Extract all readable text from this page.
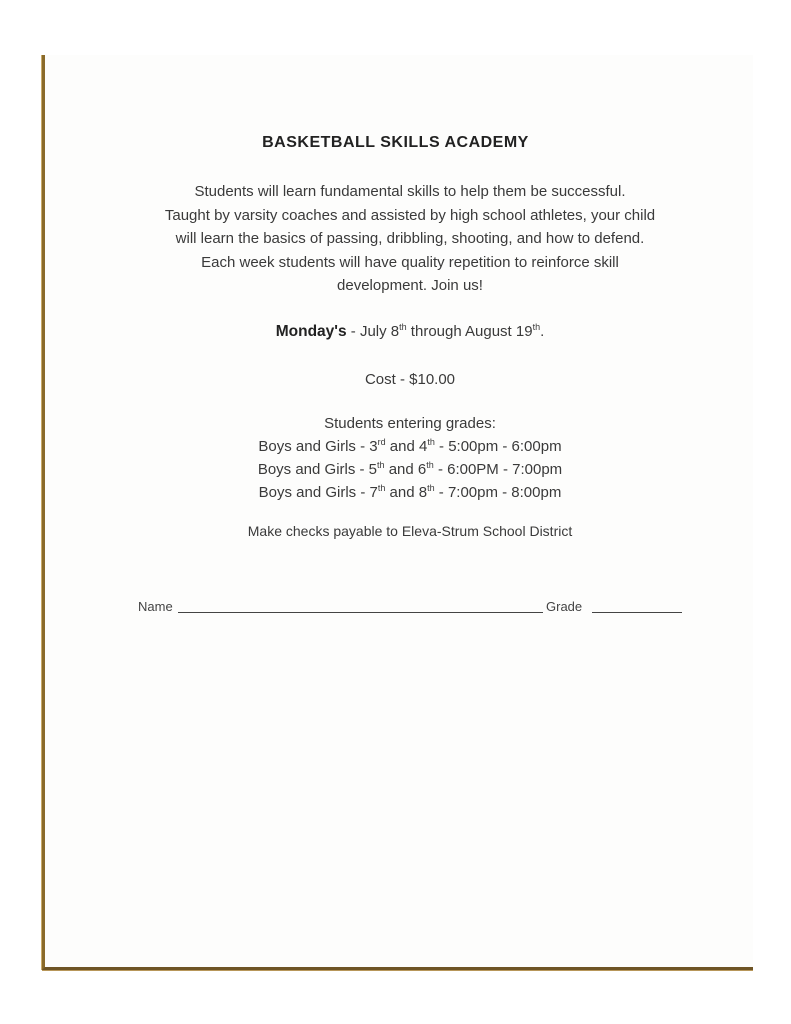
BASKETBALL SKILLS ACADEMY
Students will learn fundamental skills to help them be successful.
Taught by varsity coaches and assisted by high school athletes, your child
will learn the basics of passing, dribbling, shooting, and how to defend.
Each week students will have quality repetition to reinforce skill
development. Join us!
Monday's - July 8th through August 19th.
Cost - $10.00
Students entering grades:
Boys and Girls - 3rd and 4th - 5:00pm - 6:00pm
Boys and Girls - 5th and 6th - 6:00PM - 7:00pm
Boys and Girls - 7th and 8th - 7:00pm - 8:00pm
Make checks payable to Eleva-Strum School District
Name	Grade
